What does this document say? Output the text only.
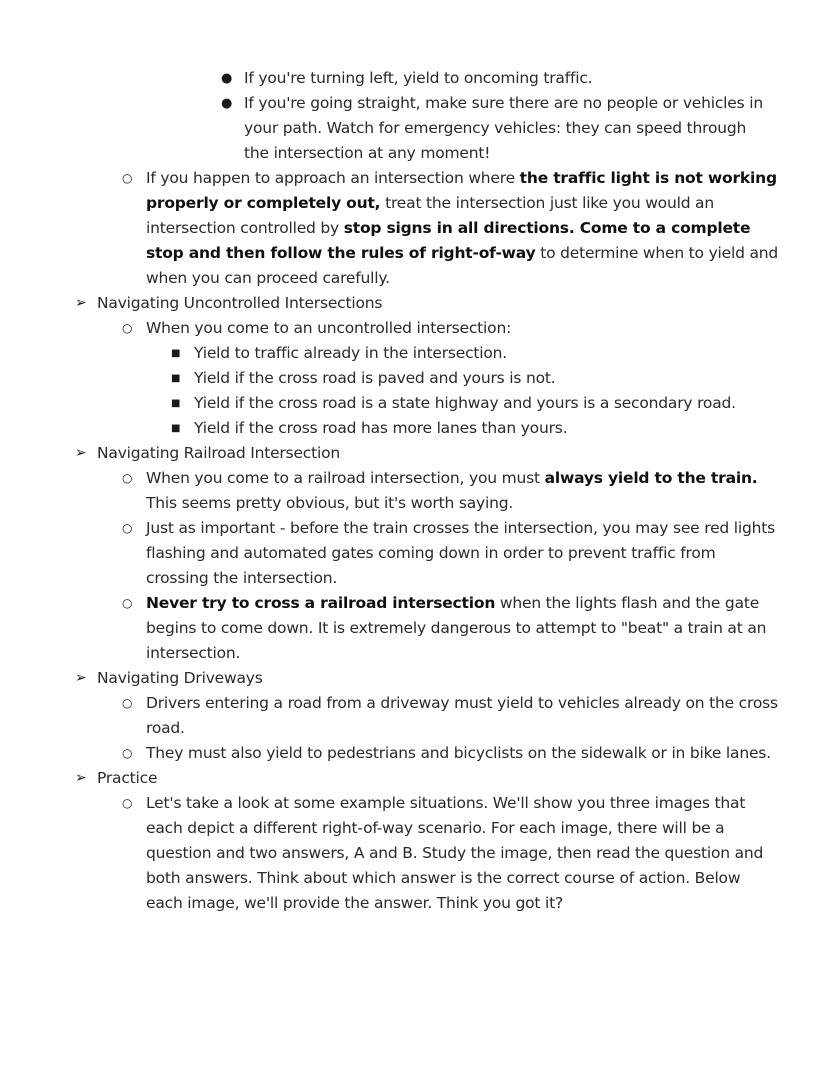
● If you're turning left, yield to oncoming traffic.
● If you're going straight, make sure there are no people or vehicles in your path. Watch for emergency vehicles: they can speed through the intersection at any moment!
○ If you happen to approach an intersection where the traffic light is not working properly or completely out, treat the intersection just like you would an intersection controlled by stop signs in all directions. Come to a complete stop and then follow the rules of right-of-way to determine when to yield and when you can proceed carefully.
➢ Navigating Uncontrolled Intersections
○ When you come to an uncontrolled intersection:
■ Yield to traffic already in the intersection.
■ Yield if the cross road is paved and yours is not.
■ Yield if the cross road is a state highway and yours is a secondary road.
■ Yield if the cross road has more lanes than yours.
➢ Navigating Railroad Intersection
○ When you come to a railroad intersection, you must always yield to the train. This seems pretty obvious, but it's worth saying.
○ Just as important - before the train crosses the intersection, you may see red lights flashing and automated gates coming down in order to prevent traffic from crossing the intersection.
○ Never try to cross a railroad intersection when the lights flash and the gate begins to come down. It is extremely dangerous to attempt to "beat" a train at an intersection.
➢ Navigating Driveways
○ Drivers entering a road from a driveway must yield to vehicles already on the cross road.
○ They must also yield to pedestrians and bicyclists on the sidewalk or in bike lanes.
➢ Practice
○ Let's take a look at some example situations. We'll show you three images that each depict a different right-of-way scenario. For each image, there will be a question and two answers, A and B. Study the image, then read the question and both answers. Think about which answer is the correct course of action. Below each image, we'll provide the answer. Think you got it?
